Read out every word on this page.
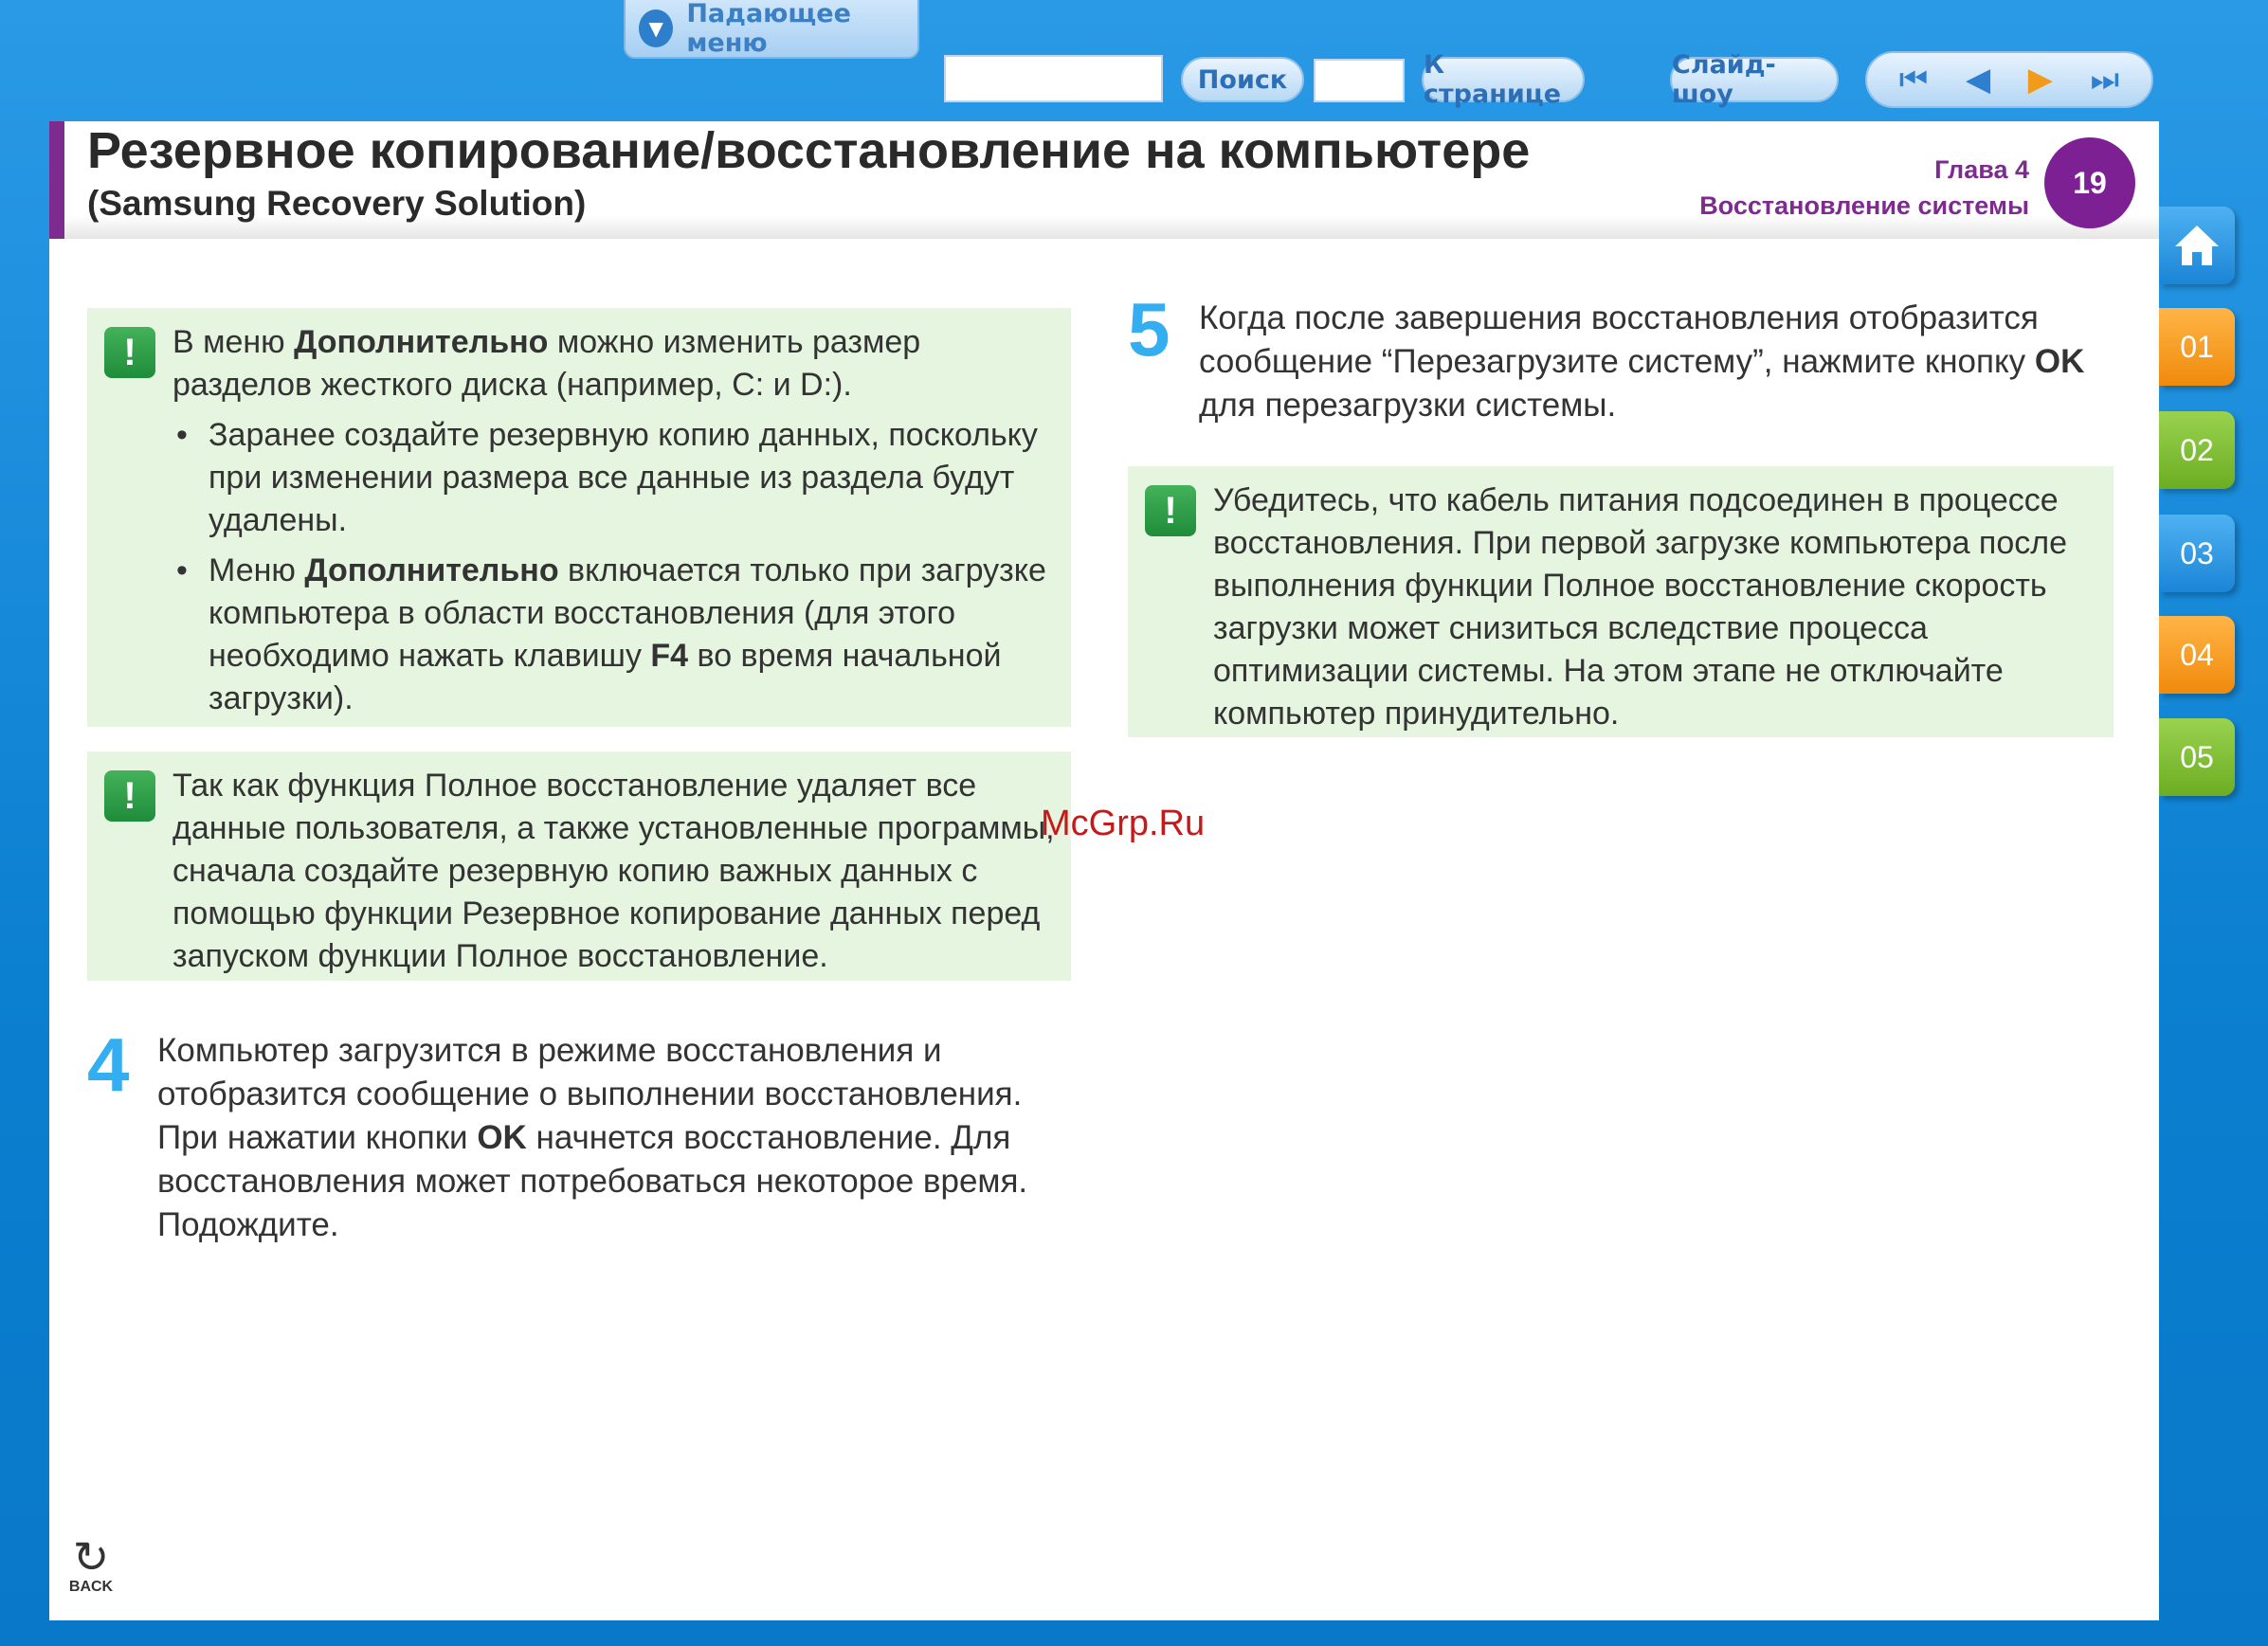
▼ Падающее меню
Поиск	К странице
Слайд-шоу	⏮ ◀ ▶ ⏭
Резервное копирование/восстановление на компьютере
(Samsung Recovery Solution)
Глава 4
Восстановление системы
19
01
02
03
04
05
!	В меню Дополнительно можно изменить размер разделов жесткого диска (например, C: и D:).
• Заранее создайте резервную копию данных, поскольку при изменении размера все данные из раздела будут удалены.
• Меню Дополнительно включается только при загрузке компьютера в области восстановления (для этого необходимо нажать клавишу F4 во время начальной загрузки).
!	Так как функция Полное восстановление удаляет все данные пользователя, а также установленные программы, сначала создайте резервную копию важных данных с помощью функции Резервное копирование данных перед запуском функции Полное восстановление.
4 Компьютер загрузится в режиме восстановления и отобразится сообщение о выполнении восстановления. При нажатии кнопки OK начнется восстановление. Для восстановления может потребоваться некоторое время. Подождите.
5 Когда после завершения восстановления отобразится сообщение “Перезагрузите систему”, нажмите кнопку OK для перезагрузки системы.
!	Убедитесь, что кабель питания подсоединен в процессе восстановления. При первой загрузке компьютера после выполнения функции Полное восстановление скорость загрузки может снизиться вследствие процесса оптимизации системы. На этом этапе не отключайте компьютер принудительно.
McGrp.Ru
↻
BACK
